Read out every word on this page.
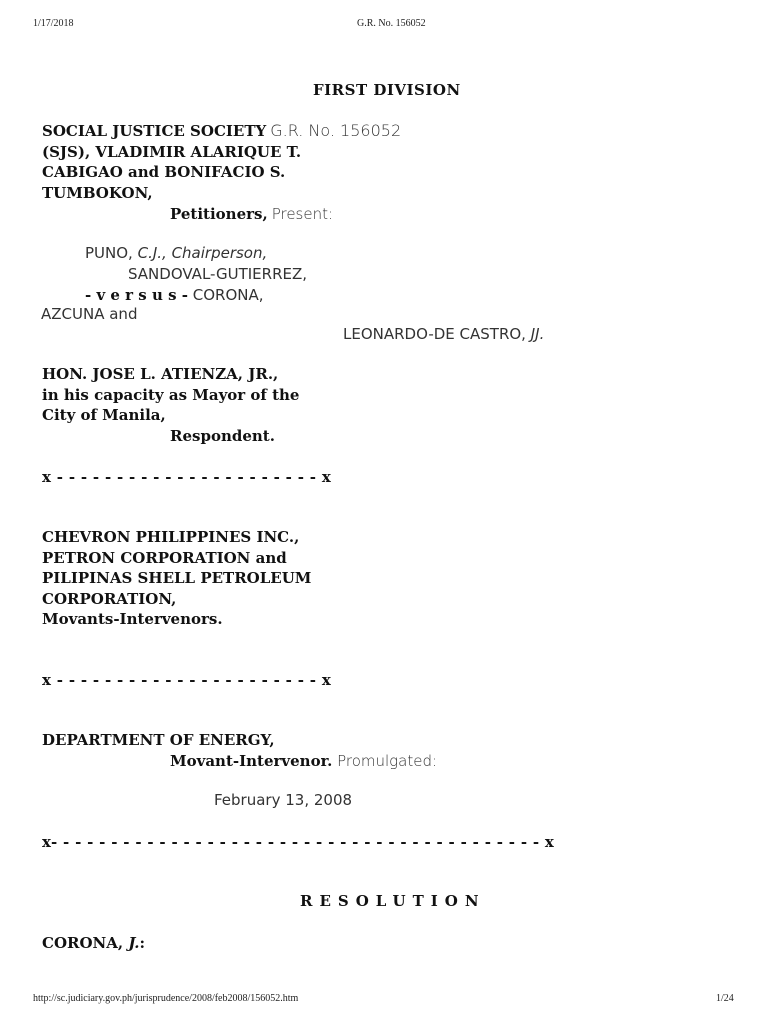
1/17/2018	G.R. No. 156052
FIRST DIVISION
SOCIAL JUSTICE SOCIETY G.R. No. 156052
(SJS), VLADIMIR ALARIQUE T.
CABIGAO and BONIFACIO S.
TUMBOKON,
Petitioners, Present:
PUNO, C.J., Chairperson,
SANDOVAL-GUTIERREZ,
- v e r s u s - CORONA,
AZCUNA and
LEONARDO-DE CASTRO, JJ.
HON. JOSE L. ATIENZA, JR.,
in his capacity as Mayor of the
City of Manila,
Respondent.
x - - - - - - - - - - - - - - - - - - - - - - x
CHEVRON PHILIPPINES INC.,
PETRON CORPORATION and
PILIPINAS SHELL PETROLEUM
CORPORATION,
Movants-Intervenors.
x - - - - - - - - - - - - - - - - - - - - - - x
DEPARTMENT OF ENERGY,
Movant-Intervenor. Promulgated:
February 13, 2008
x- - - - - - - - - - - - - - - - - - - - - - - - - - - - - - - - - - - - - - - - - x
RESOLUTION
CORONA, J.:
http://sc.judiciary.gov.ph/jurisprudence/2008/feb2008/156052.htm	1/24
